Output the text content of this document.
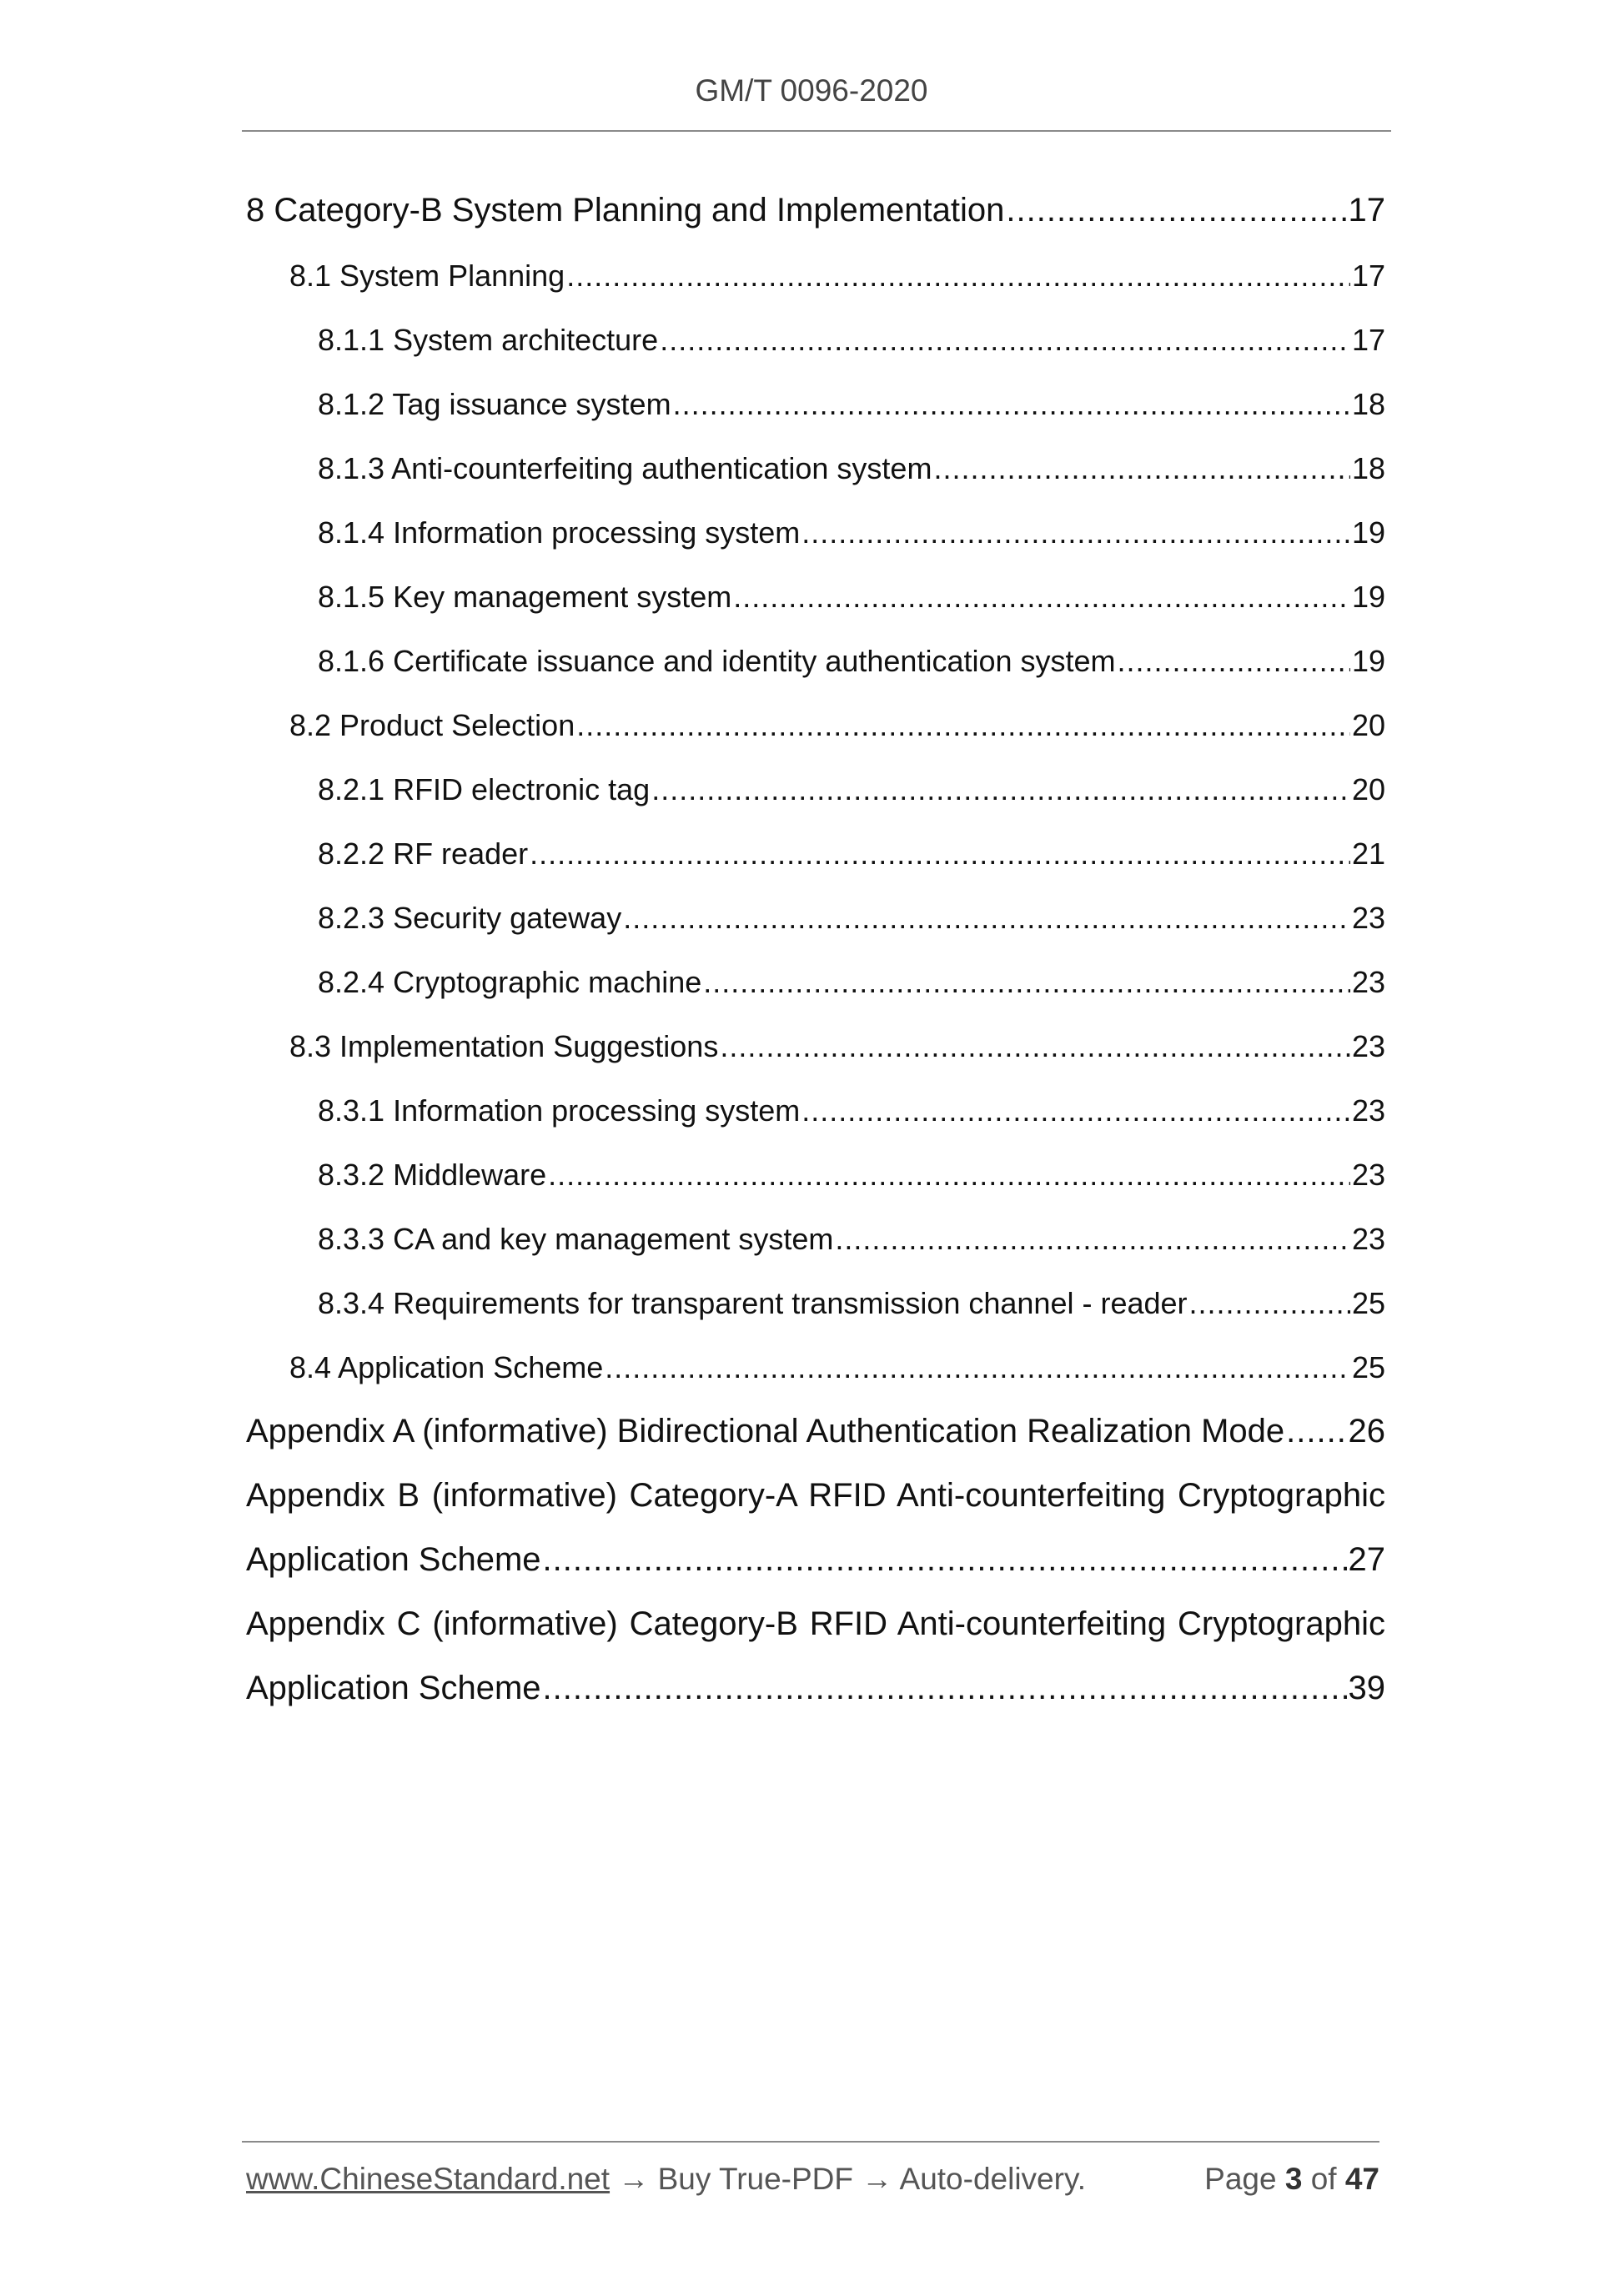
GM/T 0096-2020
8 Category-B System Planning and Implementation .....	17
8.1 System Planning .....	17
8.1.1 System architecture .....	17
8.1.2 Tag issuance system .....	18
8.1.3 Anti-counterfeiting authentication system .....	18
8.1.4 Information processing system .....	19
8.1.5 Key management system .....	19
8.1.6 Certificate issuance and identity authentication system .....	19
8.2 Product Selection .....	20
8.2.1 RFID electronic tag .....	20
8.2.2 RF reader .....	21
8.2.3 Security gateway .....	23
8.2.4 Cryptographic machine .....	23
8.3 Implementation Suggestions .....	23
8.3.1 Information processing system .....	23
8.3.2 Middleware .....	23
8.3.3 CA and key management system .....	23
8.3.4 Requirements for transparent transmission channel - reader .....	25
8.4 Application Scheme .....	25
Appendix A (informative) Bidirectional Authentication Realization Mode ..... 26
Appendix B (informative) Category-A RFID Anti-counterfeiting Cryptographic
Application Scheme .....	27
Appendix C (informative) Category-B RFID Anti-counterfeiting Cryptographic
Application Scheme .....	39
www.ChineseStandard.net → Buy True-PDF → Auto-delivery.	Page 3 of 47
